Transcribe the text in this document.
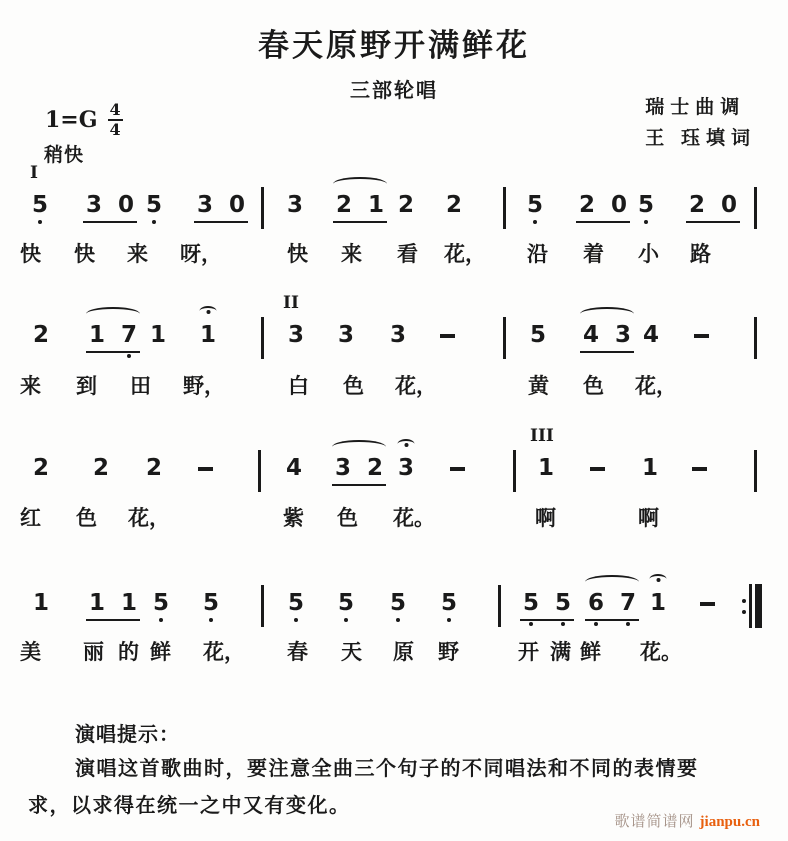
春天原野开满鲜花
三部轮唱
瑞士曲调
王 珏填词
$1=G \frac{4}{4}$
稍快
I
5 3 0 5 3 0 3 2 1 2 2	5 2 0 5 2 0
快 快 来 呀，	快 来 看 花， 沿 着 小 路
2 1 7 1 1
II
3 3 3	5 4 3 4
来 到 田 野，	白 色 花，	黄 色 花，
2 2 2	4 3 2 3
III
1	1
红 色 花，	紫 色 花。	啊	啊
1 1 1 5 5	5 5 5 5	5 5 6 7 1
美 丽 的 鲜 花， 春 天 原 野	开 满 鲜 花。
演唱提示：
演唱这首歌曲时，要注意全曲三个句子的不同唱法和不同的表情要
求，以求得在统一之中又有变化。
歌谱简谱网 jianpu.cn
